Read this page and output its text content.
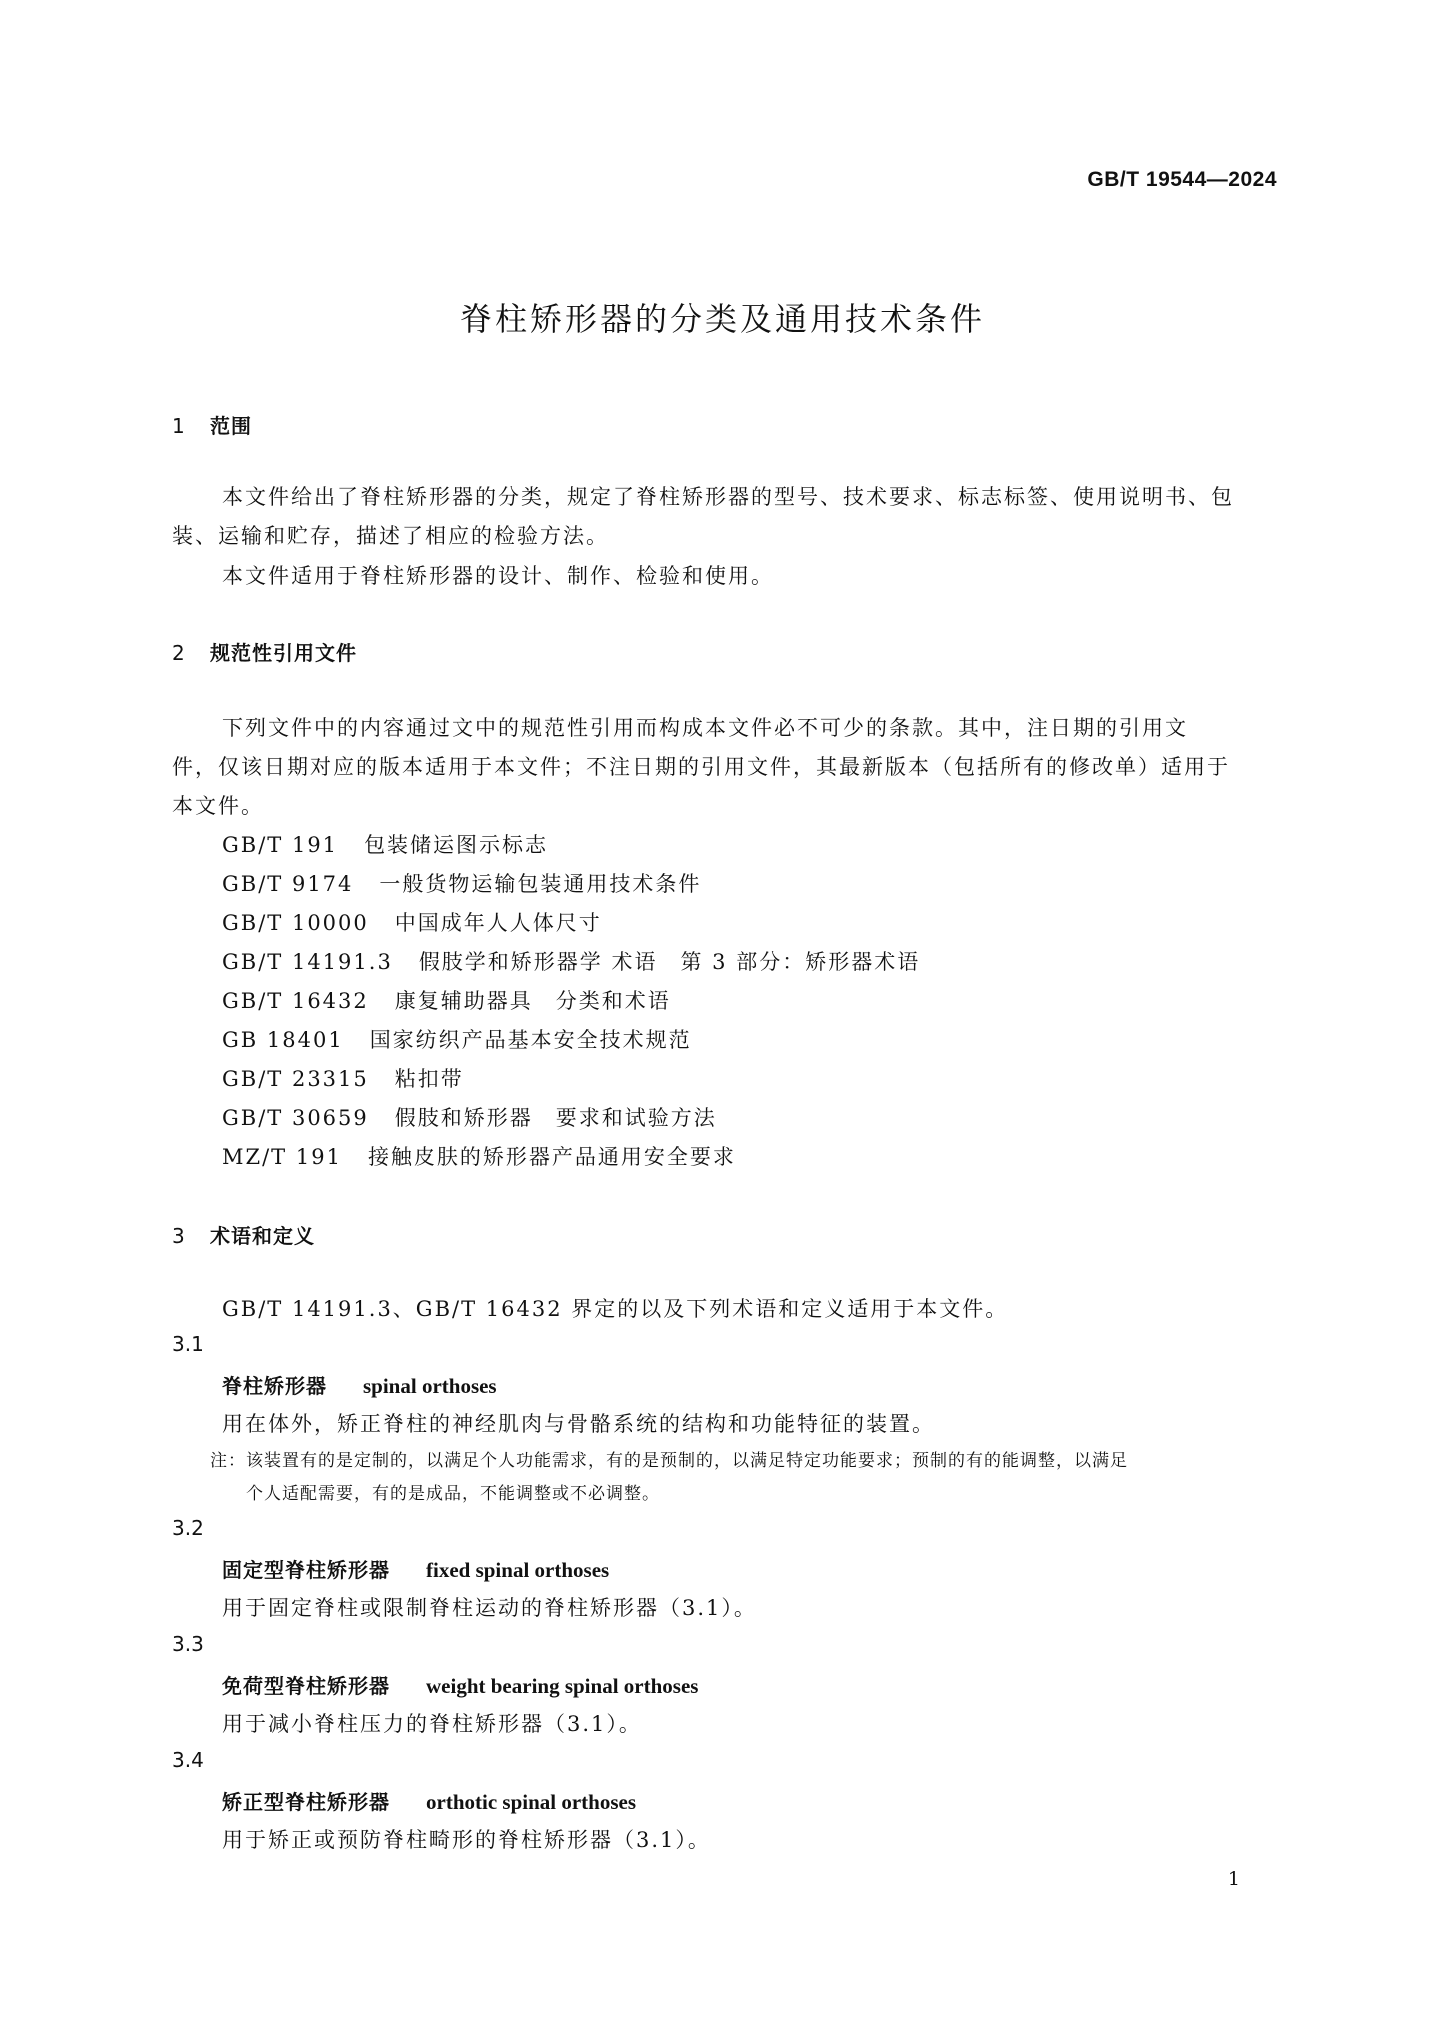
GB/T 19544—2024
脊柱矫形器的分类及通用技术条件
1 范围
本文件给出了脊柱矫形器的分类，规定了脊柱矫形器的型号、技术要求、标志标签、使用说明书、包
装、运输和贮存，描述了相应的检验方法。
本文件适用于脊柱矫形器的设计、制作、检验和使用。
2 规范性引用文件
下列文件中的内容通过文中的规范性引用而构成本文件必不可少的条款。其中，注日期的引用文
件，仅该日期对应的版本适用于本文件；不注日期的引用文件，其最新版本（包括所有的修改单）适用于
本文件。
GB/T 191 包装储运图示标志
GB/T 9174 一般货物运输包装通用技术条件
GB/T 10000 中国成年人人体尺寸
GB/T 14191.3 假肢学和矫形器学 术语　第 3 部分：矫形器术语
GB/T 16432 康复辅助器具　分类和术语
GB 18401 国家纺织产品基本安全技术规范
GB/T 23315 粘扣带
GB/T 30659 假肢和矫形器　要求和试验方法
MZ/T 191 接触皮肤的矫形器产品通用安全要求
3 术语和定义
GB/T 14191.3、GB/T 16432 界定的以及下列术语和定义适用于本文件。
3.1
脊柱矫形器 spinal orthoses
用在体外，矫正脊柱的神经肌肉与骨骼系统的结构和功能特征的装置。
注：该装置有的是定制的，以满足个人功能需求，有的是预制的，以满足特定功能要求；预制的有的能调整，以满足
个人适配需要，有的是成品，不能调整或不必调整。
3.2
固定型脊柱矫形器 fixed spinal orthoses
用于固定脊柱或限制脊柱运动的脊柱矫形器（3.1）。
3.3
免荷型脊柱矫形器 weight bearing spinal orthoses
用于减小脊柱压力的脊柱矫形器（3.1）。
3.4
矫正型脊柱矫形器 orthotic spinal orthoses
用于矫正或预防脊柱畸形的脊柱矫形器（3.1）。
1
